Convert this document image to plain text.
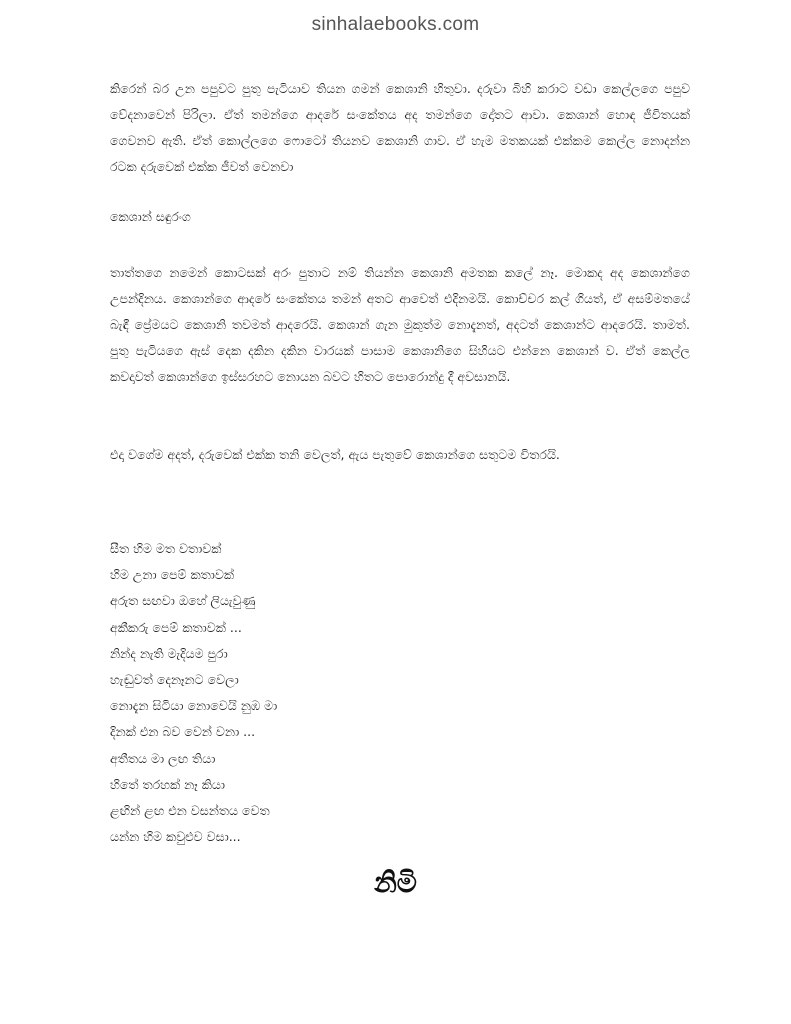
sinhalaebooks.com

කිරෙන් බර උන පපුවට පුතු පැටියාව තියන ගමන් කෙශානි හිතුවා. දරුවා බිහි කරාට වඩා කෙල්ලගෙ පපුව වේදනාවෙන් පිරිලා. ඒත් තමන්ගෙ ආදරේ සංකේතය අද තමන්ගෙ දෝතට ආවා. කෙශාන් හොඳ ජීවිතයක් ගෙවනව ඇති. ඒත් කොල්ලගෙ ෆොටෝ තියනව කෙශානි ගාව. ඒ හැම මතකයක් එක්කම කෙල්ල නොදන්න රටක දරුවෙක් එක්ක ජීවත් වෙනවා

කෙශාන් සඳුරංග

තාත්තගෙ නමෙන් කොටසක් අරං පුතාට නම් තියන්න කෙශානි අමතක කලේ නෑ. මොකද අද කෙශාන්ගෙ උපන්දිනය. කෙශාන්ගෙ ආදරේ සංකේතය තමන් අතට ආවෙත් එදිනමයි. කොච්චර කල් ගියත්, ඒ අසම්මතයේ බැඳී ප්‍රේමයට කෙශානි තවමත් ආදරෙයි. කෙශාන් ගැන මුකුත්ම නොදැනත්, අදටත් කෙශාන්ට ආදරෙයි. තාමත්. පුතු පැටියගෙ ඇස් දෙක දකින දකින වාරයක් පාසාම කෙශානිගෙ සිහියට එන්නෙ කෙශාන් ව. ඒත් කෙල්ල කවදාවත් කෙශාන්ගෙ ඉස්සරහට නොයන බවට හිතට පොරොන්දු දී අවසානයි.

එදා වගේම අදත්, දරුවෙක් එක්ක තනි වෙලත්, ඇය පැතුවේ කෙශාන්ගෙ සතුටම විතරයි.

සීත හිම මත වතාවක්
හිම උනා පෙම් කතාවක්
අරුත සඟවා ඔහේ ලියැවුණු
අකීකරු පෙම් කතාවක් ...
නින්ද නැති මැදියම පුරා
හැඬුවත් දෙනෑනට වෙලා
නොදැන සිටියා නොවෙයි නුඹ මා
දිනක් එන බව වෙන් වනා ...
අතීතය මා ලඟ තියා
හිතේ තරහක් නෑ කියා
ළඟින් ළඟ එන වසන්තය වෙත
යන්න හිම කවුළුව වසා...
නිමි
